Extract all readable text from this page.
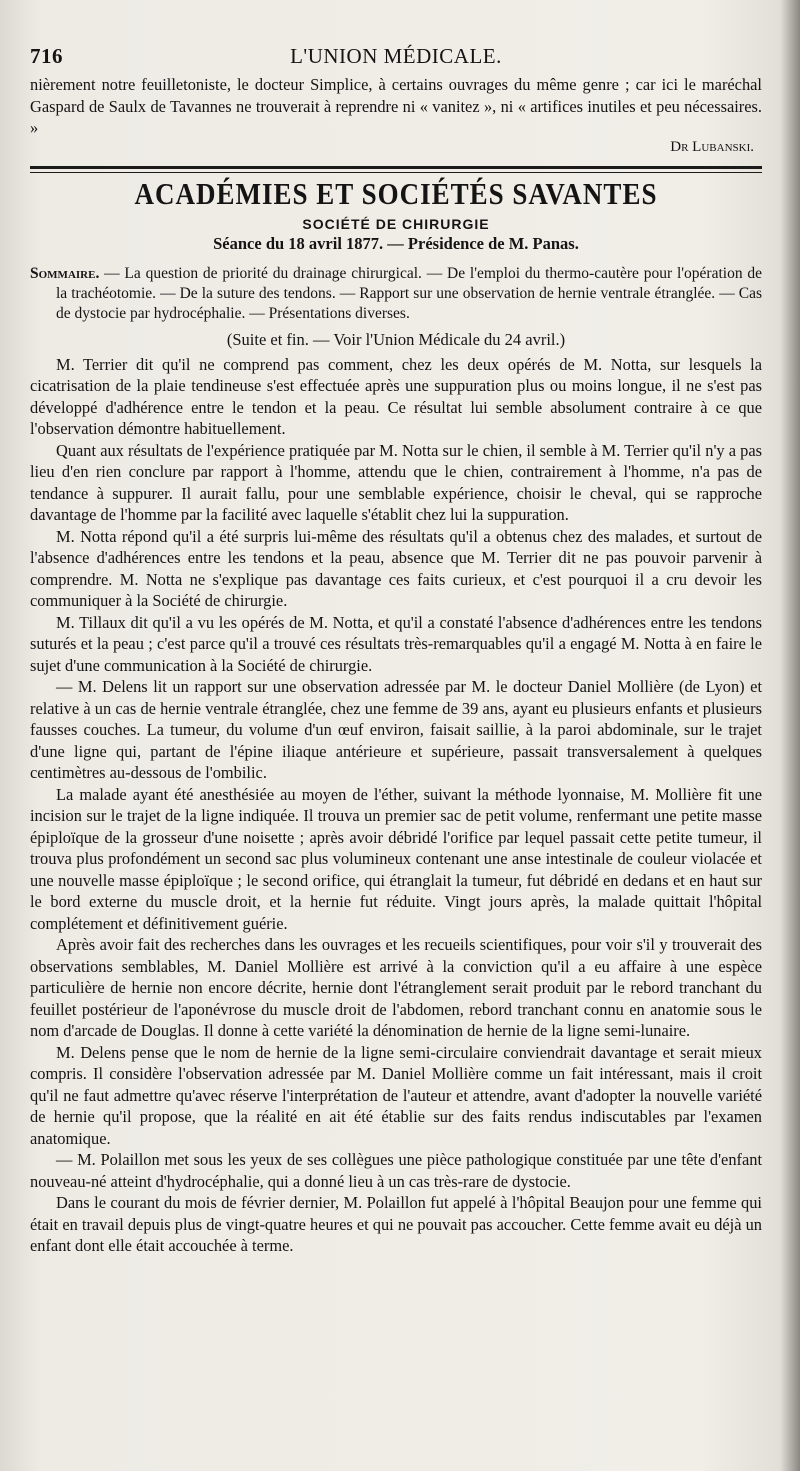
716	L'UNION MÉDICALE.

nièrement notre feuilletoniste, le docteur Simplice, à certains ouvrages du même genre ; car ici le maréchal Gaspard de Saulx de Tavannes ne trouverait à reprendre ni « vanitez », ni « artifices inutiles et peu nécessaires. »

Dr Lubanski.

ACADÉMIES ET SOCIÉTÉS SAVANTES
SOCIÉTÉ DE CHIRURGIE
Séance du 18 avril 1877. — Présidence de M. Panas.

Sommaire. — La question de priorité du drainage chirurgical. — De l'emploi du thermo-cautère pour l'opération de la trachéotomie. — De la suture des tendons. — Rapport sur une observation de hernie ventrale étranglée. — Cas de dystocie par hydrocéphalie. — Présentations diverses.

(Suite et fin. — Voir l'Union Médicale du 24 avril.)

M. Terrier dit qu'il ne comprend pas comment, chez les deux opérés de M. Notta, sur lesquels la cicatrisation de la plaie tendineuse s'est effectuée après une suppuration plus ou moins longue, il ne s'est pas développé d'adhérence entre le tendon et la peau. Ce résultat lui semble absolument contraire à ce que l'observation démontre habituellement.

Quant aux résultats de l'expérience pratiquée par M. Notta sur le chien, il semble à M. Terrier qu'il n'y a pas lieu d'en rien conclure par rapport à l'homme, attendu que le chien, contrairement à l'homme, n'a pas de tendance à suppurer. Il aurait fallu, pour une semblable expérience, choisir le cheval, qui se rapproche davantage de l'homme par la facilité avec laquelle s'établit chez lui la suppuration.

M. Notta répond qu'il a été surpris lui-même des résultats qu'il a obtenus chez des malades, et surtout de l'absence d'adhérences entre les tendons et la peau, absence que M. Terrier dit ne pas pouvoir parvenir à comprendre. M. Notta ne s'explique pas davantage ces faits curieux, et c'est pourquoi il a cru devoir les communiquer à la Société de chirurgie.

M. Tillaux dit qu'il a vu les opérés de M. Notta, et qu'il a constaté l'absence d'adhérences entre les tendons suturés et la peau ; c'est parce qu'il a trouvé ces résultats très-remarquables qu'il a engagé M. Notta à en faire le sujet d'une communication à la Société de chirurgie.

— M. Delens lit un rapport sur une observation adressée par M. le docteur Daniel Mollière (de Lyon) et relative à un cas de hernie ventrale étranglée, chez une femme de 39 ans, ayant eu plusieurs enfants et plusieurs fausses couches. La tumeur, du volume d'un œuf environ, faisait saillie, à la paroi abdominale, sur le trajet d'une ligne qui, partant de l'épine iliaque antérieure et supérieure, passait transversalement à quelques centimètres au-dessous de l'ombilic.

La malade ayant été anesthésiée au moyen de l'éther, suivant la méthode lyonnaise, M. Mollière fit une incision sur le trajet de la ligne indiquée. Il trouva un premier sac de petit volume, renfermant une petite masse épiploïque de la grosseur d'une noisette ; après avoir débridé l'orifice par lequel passait cette petite tumeur, il trouva plus profondément un second sac plus volumineux contenant une anse intestinale de couleur violacée et une nouvelle masse épiploïque ; le second orifice, qui étranglait la tumeur, fut débridé en dedans et en haut sur le bord externe du muscle droit, et la hernie fut réduite. Vingt jours après, la malade quittait l'hôpital complétement et définitivement guérie.

Après avoir fait des recherches dans les ouvrages et les recueils scientifiques, pour voir s'il y trouverait des observations semblables, M. Daniel Mollière est arrivé à la conviction qu'il a eu affaire à une espèce particulière de hernie non encore décrite, hernie dont l'étranglement serait produit par le rebord tranchant du feuillet postérieur de l'aponévrose du muscle droit de l'abdomen, rebord tranchant connu en anatomie sous le nom d'arcade de Douglas. Il donne à cette variété la dénomination de hernie de la ligne semi-lunaire.

M. Delens pense que le nom de hernie de la ligne semi-circulaire conviendrait davantage et serait mieux compris. Il considère l'observation adressée par M. Daniel Mollière comme un fait intéressant, mais il croit qu'il ne faut admettre qu'avec réserve l'interprétation de l'auteur et attendre, avant d'adopter la nouvelle variété de hernie qu'il propose, que la réalité en ait été établie sur des faits rendus indiscutables par l'examen anatomique.

— M. Polaillon met sous les yeux de ses collègues une pièce pathologique constituée par une tête d'enfant nouveau-né atteint d'hydrocéphalie, qui a donné lieu à un cas très-rare de dystocie.

Dans le courant du mois de février dernier, M. Polaillon fut appelé à l'hôpital Beaujon pour une femme qui était en travail depuis plus de vingt-quatre heures et qui ne pouvait pas accoucher. Cette femme avait eu déjà un enfant dont elle était accouchée à terme.
